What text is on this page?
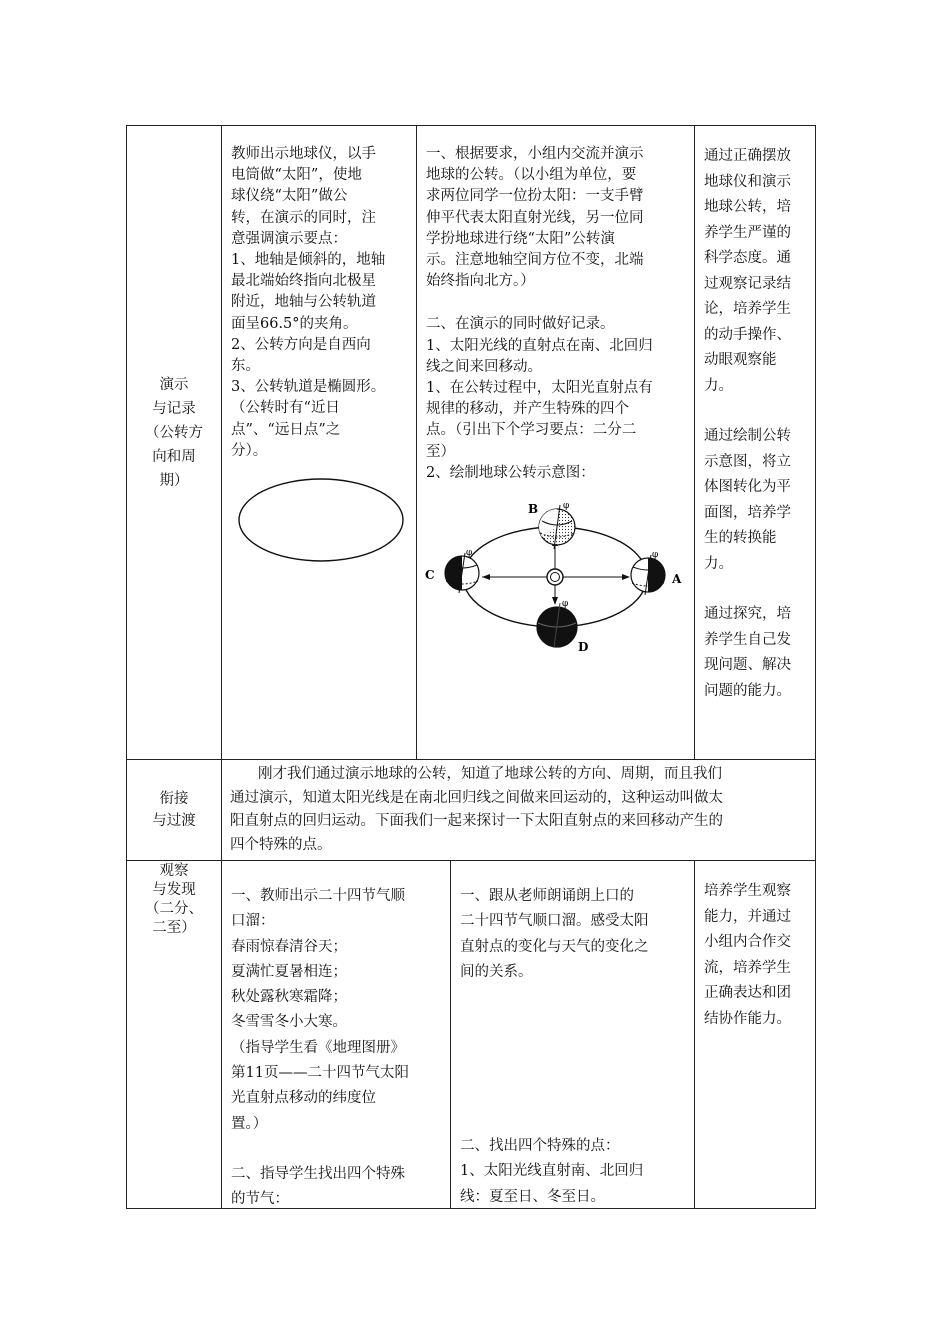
演示

与记录

（公转方

向和周

期）

教师出示地球仪，以手

电筒做“太阳”，使地

球仪绕“太阳”做公

转，在演示的同时，注

意强调演示要点：

1、地轴是倾斜的，地轴

最北端始终指向北极星

附近，地轴与公转轨道

面呈66.5°的夹角。

2、公转方向是自西向

东。

3、公转轨道是椭圆形。

（公转时有“近日

点”、“远日点”之

分）。

一、根据要求，小组内交流并演示

地球的公转。（以小组为单位，要

求两位同学一位扮太阳：一支手臂

伸平代表太阳直射光线，另一位同

学扮地球进行绕“太阳”公转演

示。注意地轴空间方位不变，北端

始终指向北方。）

二、在演示的同时做好记录。

1、太阳光线的直射点在南、北回归

线之间来回移动。

1、在公转过程中，太阳光直射点有

规律的移动，并产生特殊的四个

点。（引出下个学习要点：二分二

至）

2、绘制地球公转示意图：

φ
B
φ
D
φ
C
φ
A

通过正确摆放

地球仪和演示

地球公转，培

养学生严谨的

科学态度。通

过观察记录结

论，培养学生

的动手操作、

动眼观察能

力。

通过绘制公转

示意图，将立

体图转化为平

面图，培养学

生的转换能

力。

通过探究，培

养学生自己发

现问题、解决

问题的能力。

衔接

与过渡

刚才我们通过演示地球的公转，知道了地球公转的方向、周期，而且我们

通过演示，知道太阳光线是在南北回归线之间做来回运动的，这种运动叫做太

阳直射点的回归运动。下面我们一起来探讨一下太阳直射点的来回移动产生的

四个特殊的点。

观察

与发现

（二分、

二至）

一、教师出示二十四节气顺

口溜：

春雨惊春清谷天；

夏满忙夏暑相连；

秋处露秋寒霜降；

冬雪雪冬小大寒。

（指导学生看《地理图册》

第11页——二十四节气太阳

光直射点移动的纬度位

置。）

二、指导学生找出四个特殊

的节气：

一、跟从老师朗诵朗上口的

二十四节气顺口溜。感受太阳

直射点的变化与天气的变化之

间的关系。

二、找出四个特殊的点：

1、太阳光线直射南、北回归

线：夏至日、冬至日。

培养学生观察

能力，并通过

小组内合作交

流，培养学生

正确表达和团

结协作能力。
